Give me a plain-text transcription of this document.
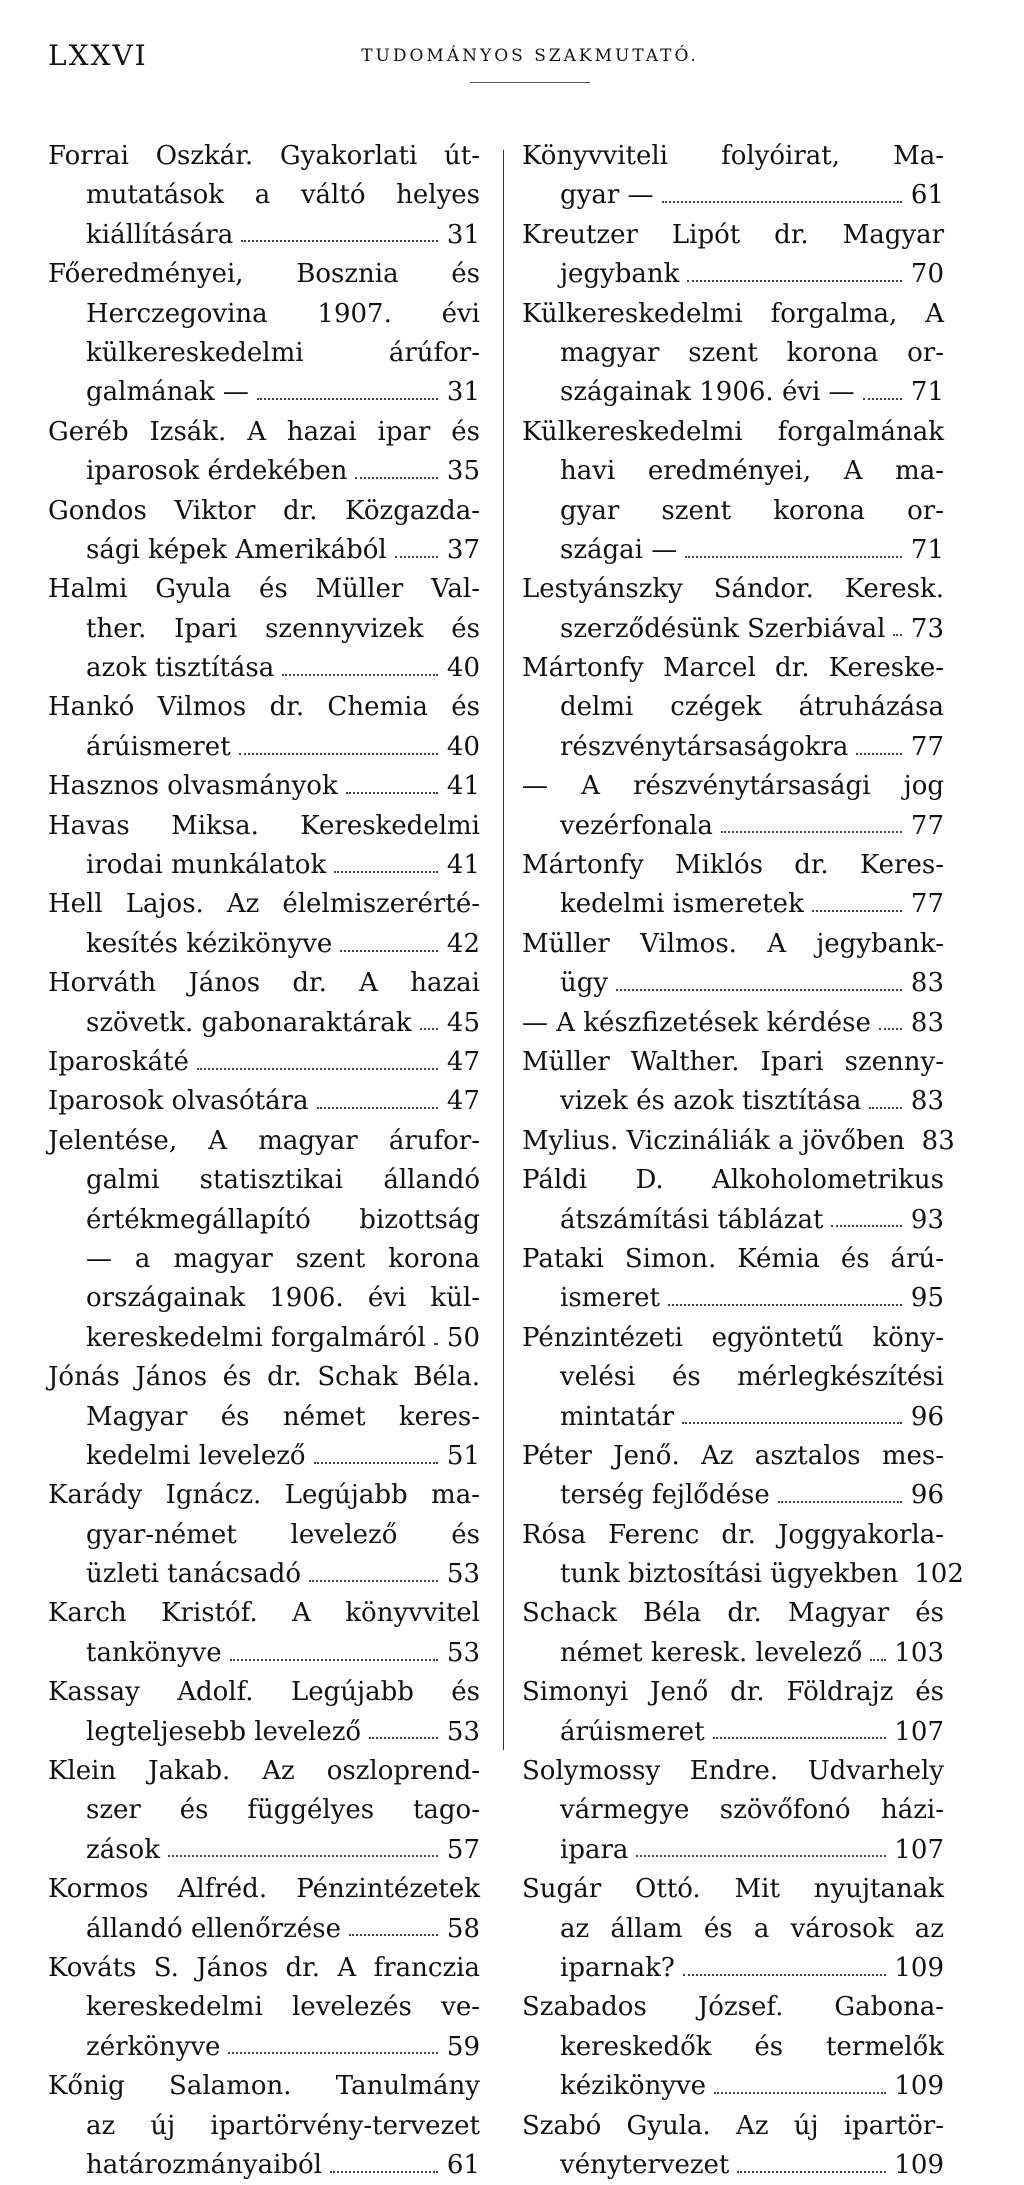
LXXVI	TUDOMÁNYOS SZAKMUTATÓ.
Forrai Oszkár. Gyakorlati út-
mutatások a váltó helyes
kiállítására	31
Főeredményei, Bosznia és
Herczegovina 1907. évi
külkereskedelmi árúfor-
galmának —	31
Geréb Izsák. A hazai ipar és
iparosok érdekében	35
Gondos Viktor dr. Közgazda-
sági képek Amerikából 37
Halmi Gyula és Müller Val-
ther. Ipari szennyvizek és
azok tisztítása	40
Hankó Vilmos dr. Chemia és
árúismeret	40
Hasznos olvasmányok	41
Havas Miksa. Kereskedelmi
irodai munkálatok	41
Hell Lajos. Az élelmiszerérté-
kesítés kézikönyve	42
Horváth János dr. A hazai
szövetk. gabonaraktárak 45
Iparoskáté	47
Iparosok olvasótára	47
Jelentése, A magyar árufor-
galmi statisztikai állandó
értékmegállapító bizottság
— a magyar szent korona
országainak 1906. évi kül-
kereskedelmi forgalmáról 50
Jónás János és dr. Schak Béla.
Magyar és német keres-
kedelmi levelező	51
Karády Ignácz. Legújabb ma-
gyar-német levelező és
üzleti tanácsadó	53
Karch Kristóf. A könyvvitel
tankönyve	53
Kassay Adolf. Legújabb és
legteljesebb levelező	53
Klein Jakab. Az oszloprend-
szer és függélyes tago-
zások	57
Kormos Alfréd. Pénzintézetek
állandó ellenőrzése	58
Kováts S. János dr. A franczia
kereskedelmi levelezés ve-
zérkönyve	59
Kőnig Salamon. Tanulmány
az új ipartörvény-tervezet
határozmányaiból	61
Könyvviteli folyóirat, Ma-
gyar —	61
Kreutzer Lipót dr. Magyar
jegybank	70
Külkereskedelmi forgalma, A
magyar szent korona or-
szágainak 1906. évi — 71
Külkereskedelmi forgalmának
havi eredményei, A ma-
gyar szent korona or-
szágai —	71
Lestyánszky Sándor. Keresk.
szerződésünk Szerbiával 73
Mártonfy Marcel dr. Kereske-
delmi czégek átruházása
részvénytársaságokra 77
— A részvénytársasági jog
vezérfonala	77
Mártonfy Miklós dr. Keres-
kedelmi ismeretek	77
Müller Vilmos. A jegybank-
ügy	83
— A készfizetések kérdése 83
Müller Walther. Ipari szenny-
vizek és azok tisztítása 83
Mylius. Viczináliák a jövőben 83
Páldi D. Alkoholometrikus
átszámítási táblázat	93
Pataki Simon. Kémia és árú-
ismeret	95
Pénzintézeti egyöntetű köny-
velési és mérlegkészítési
mintatár	96
Péter Jenő. Az asztalos mes-
terség fejlődése	96
Rósa Ferenc dr. Joggyakorla-
tunk biztosítási ügyekben 102
Schack Béla dr. Magyar és
német keresk. levelező 103
Simonyi Jenő dr. Földrajz és
árúismeret	107
Solymossy Endre. Udvarhely
vármegye szövőfonó házi-
ipara	107
Sugár Ottó. Mit nyujtanak
az állam és a városok az
iparnak?	109
Szabados József. Gabona-
kereskedők és termelők
kézikönyve	109
Szabó Gyula. Az új ipartör-
vénytervezet	109
